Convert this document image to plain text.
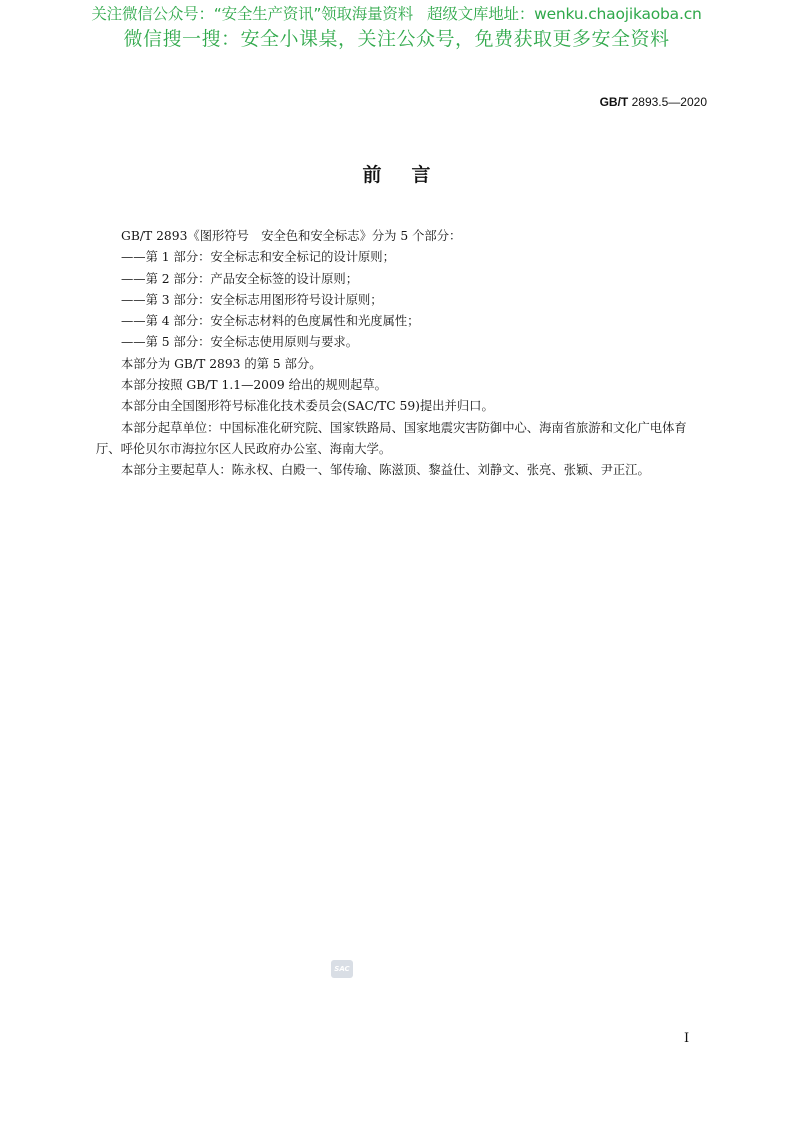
关注微信公众号：“安全生产资讯”领取海量资料 超级文库地址：wenku.chaojikaoba.cn
微信搜一搜：安全小课桌，关注公众号，免费获取更多安全资料
GB/T 2893.5—2020
前言

GB/T 2893《图形符号　安全色和安全标志》分为 5 个部分：

——第 1 部分：安全标志和安全标记的设计原则；

——第 2 部分：产品安全标签的设计原则；

——第 3 部分：安全标志用图形符号设计原则；

——第 4 部分：安全标志材料的色度属性和光度属性；

——第 5 部分：安全标志使用原则与要求。

本部分为 GB/T 2893 的第 5 部分。

本部分按照 GB/T 1.1—2009 给出的规则起草。

本部分由全国图形符号标准化技术委员会(SAC/TC 59)提出并归口。

本部分起草单位：中国标准化研究院、国家铁路局、国家地震灾害防御中心、海南省旅游和文化广电体育厅、呼伦贝尔市海拉尔区人民政府办公室、海南大学。

本部分主要起草人：陈永权、白殿一、邹传瑜、陈滋顶、黎益仕、刘静文、张亮、张颖、尹正江。

SAC
I
